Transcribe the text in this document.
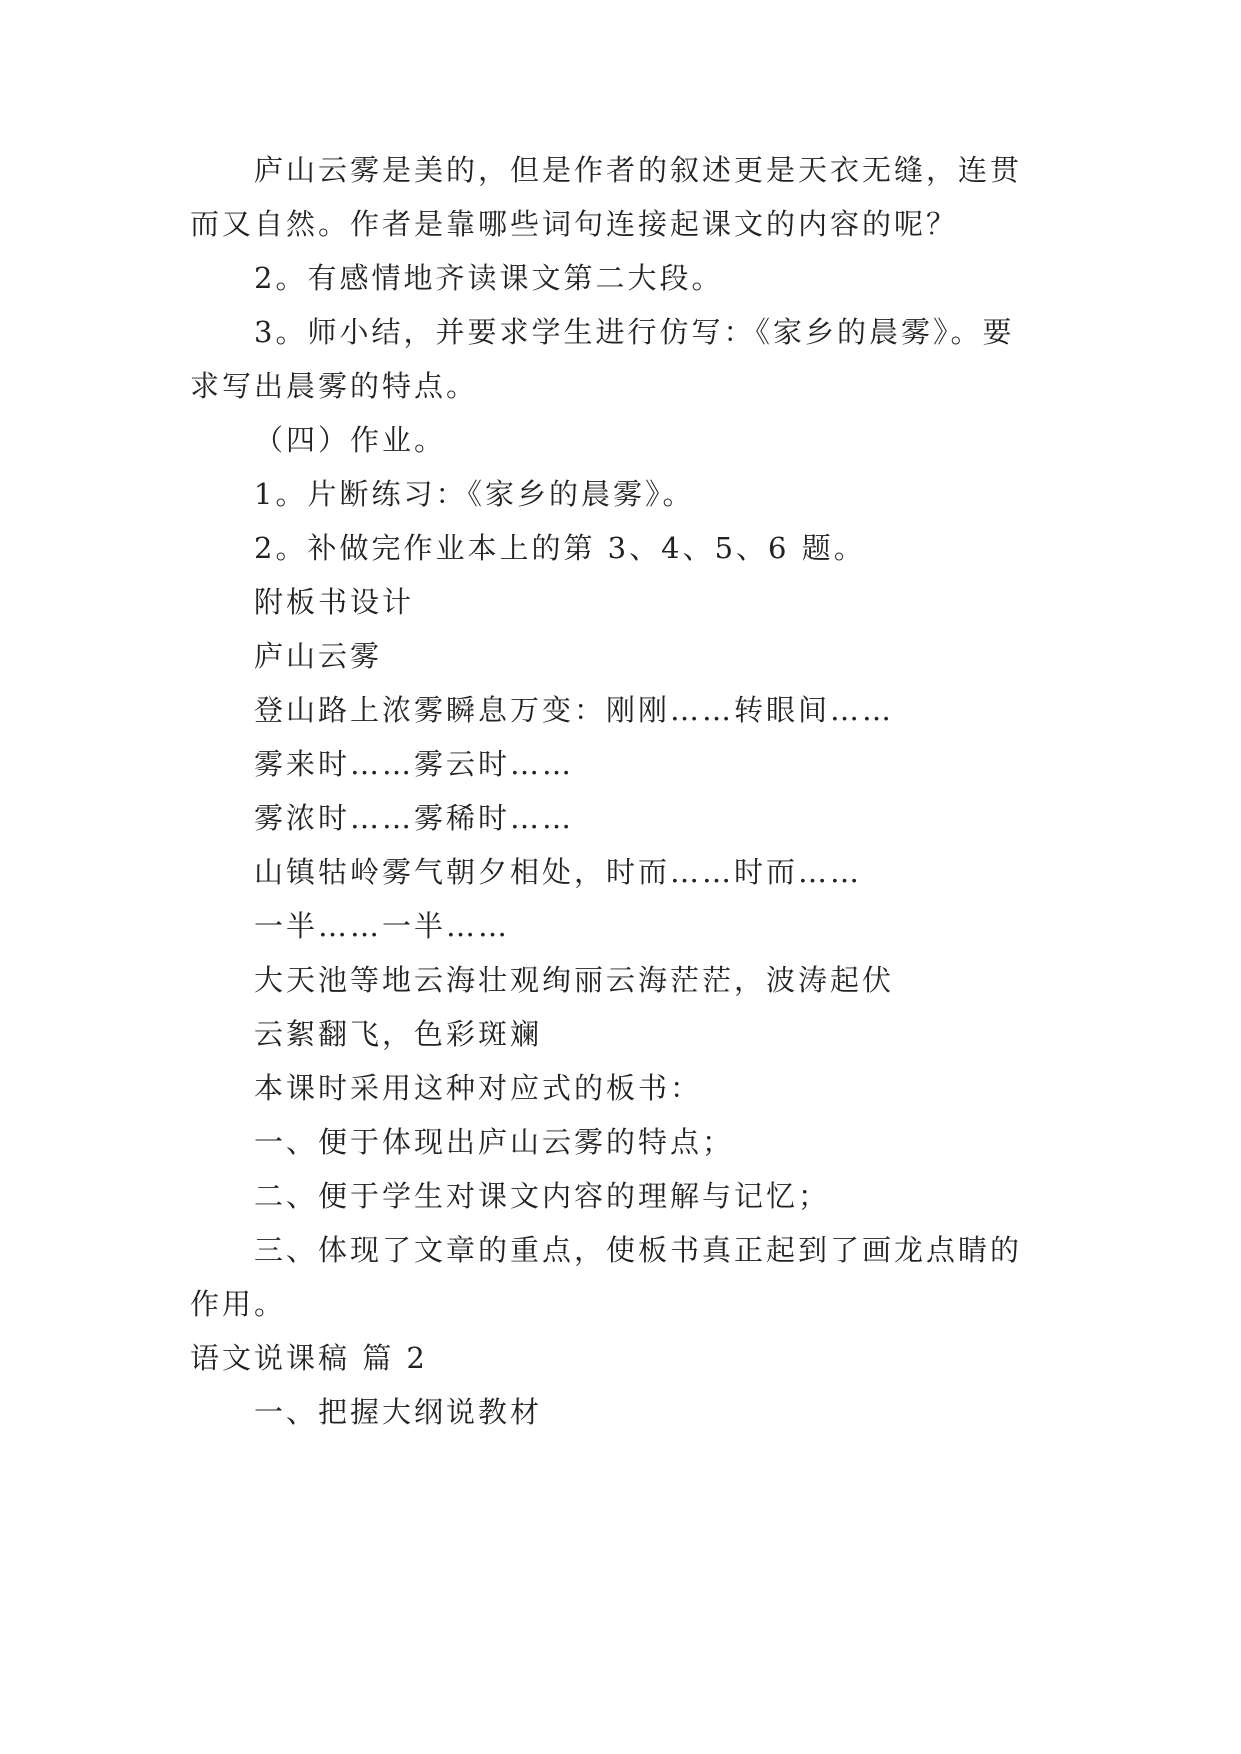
庐山云雾是美的，但是作者的叙述更是天衣无缝，连贯
而又自然。作者是靠哪些词句连接起课文的内容的呢？
2。有感情地齐读课文第二大段。
3。师小结，并要求学生进行仿写：《家乡的晨雾》。要
求写出晨雾的特点。
（四）作业。
1。片断练习：《家乡的晨雾》。
2。补做完作业本上的第 3、4、5、6 题。
附板书设计
庐山云雾
登山路上浓雾瞬息万变：刚刚……转眼间……
雾来时……雾云时……
雾浓时……雾稀时……
山镇牯岭雾气朝夕相处，时而……时而……
一半……一半……
大天池等地云海壮观绚丽云海茫茫，波涛起伏
云絮翻飞，色彩斑斓
本课时采用这种对应式的板书：
一、便于体现出庐山云雾的特点；
二、便于学生对课文内容的理解与记忆；
三、体现了文章的重点，使板书真正起到了画龙点睛的
作用。
语文说课稿 篇 2
一、把握大纲说教材
